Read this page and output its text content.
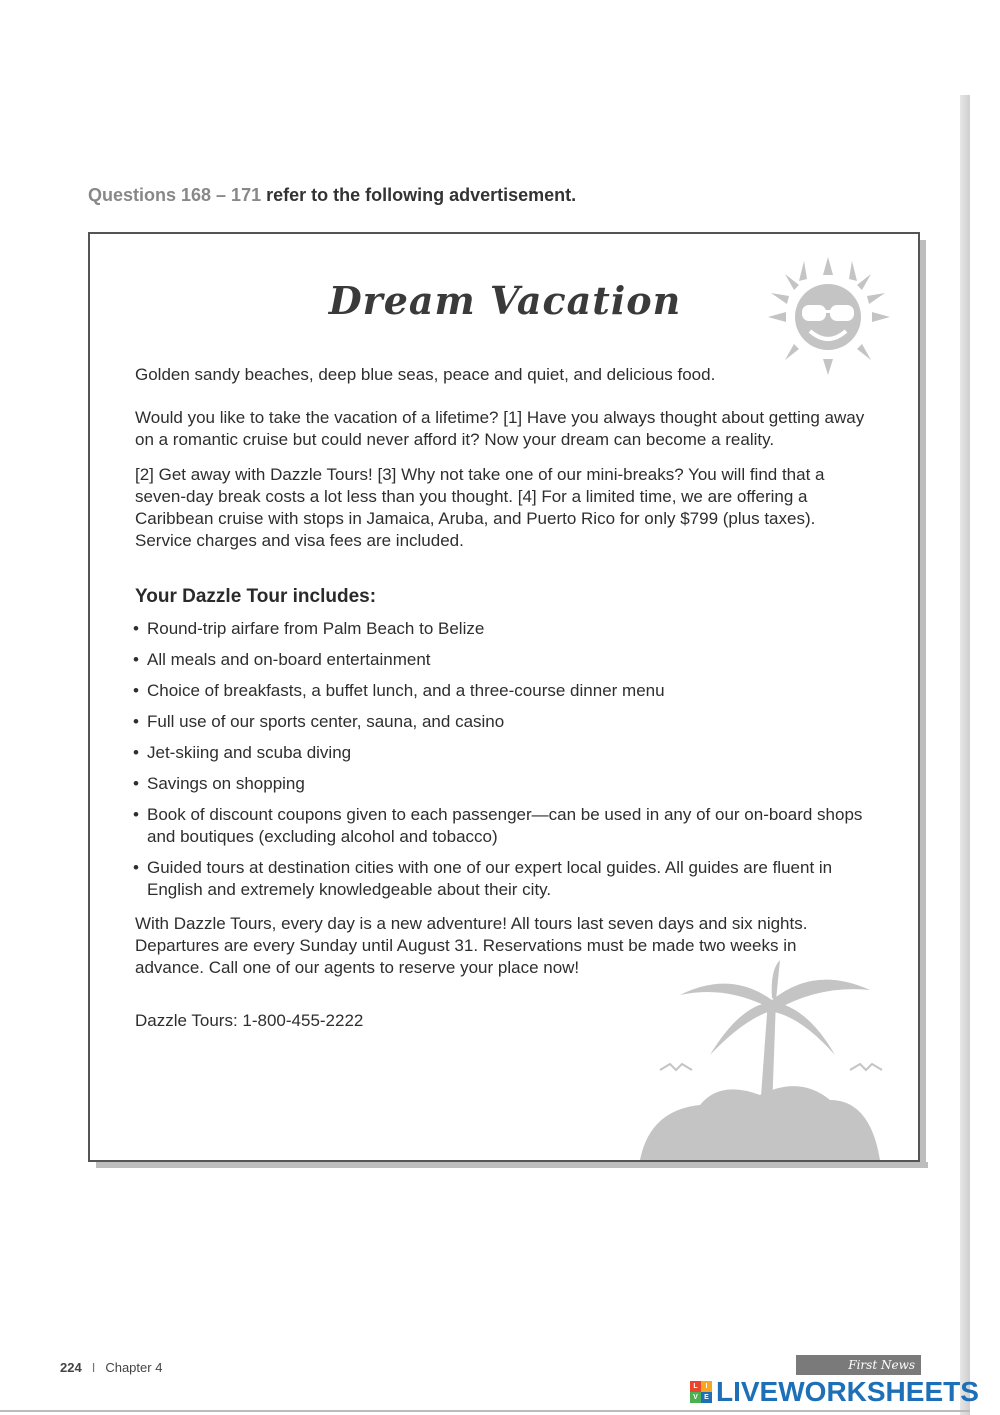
Questions 168 – 171 refer to the following advertisement.
Dream Vacation
Golden sandy beaches, deep blue seas, peace and quiet, and delicious food.
Would you like to take the vacation of a lifetime? [1] Have you always thought about getting away on a romantic cruise but could never afford it? Now your dream can become a reality.
[2] Get away with Dazzle Tours! [3] Why not take one of our mini-breaks? You will find that a seven-day break costs a lot less than you thought. [4] For a limited time, we are offering a Caribbean cruise with stops in Jamaica, Aruba, and Puerto Rico for only $799 (plus taxes). Service charges and visa fees are included.
Your Dazzle Tour includes:
• Round-trip airfare from Palm Beach to Belize
• All meals and on-board entertainment
• Choice of breakfasts, a buffet lunch, and a three-course dinner menu
• Full use of our sports center, sauna, and casino
• Jet-skiing and scuba diving
• Savings on shopping
• Book of discount coupons given to each passenger—can be used in any of our on-board shops and boutiques (excluding alcohol and tobacco)
• Guided tours at destination cities with one of our expert local guides. All guides are fluent in English and extremely knowledgeable about their city.
With Dazzle Tours, every day is a new adventure! All tours last seven days and six nights. Departures are every Sunday until August 31. Reservations must be made two weeks in advance. Call one of our agents to reserve your place now!
Dazzle Tours: 1-800-455-2222
224 I Chapter 4	First News
L	I
V E LIVEWORKSHEETS
